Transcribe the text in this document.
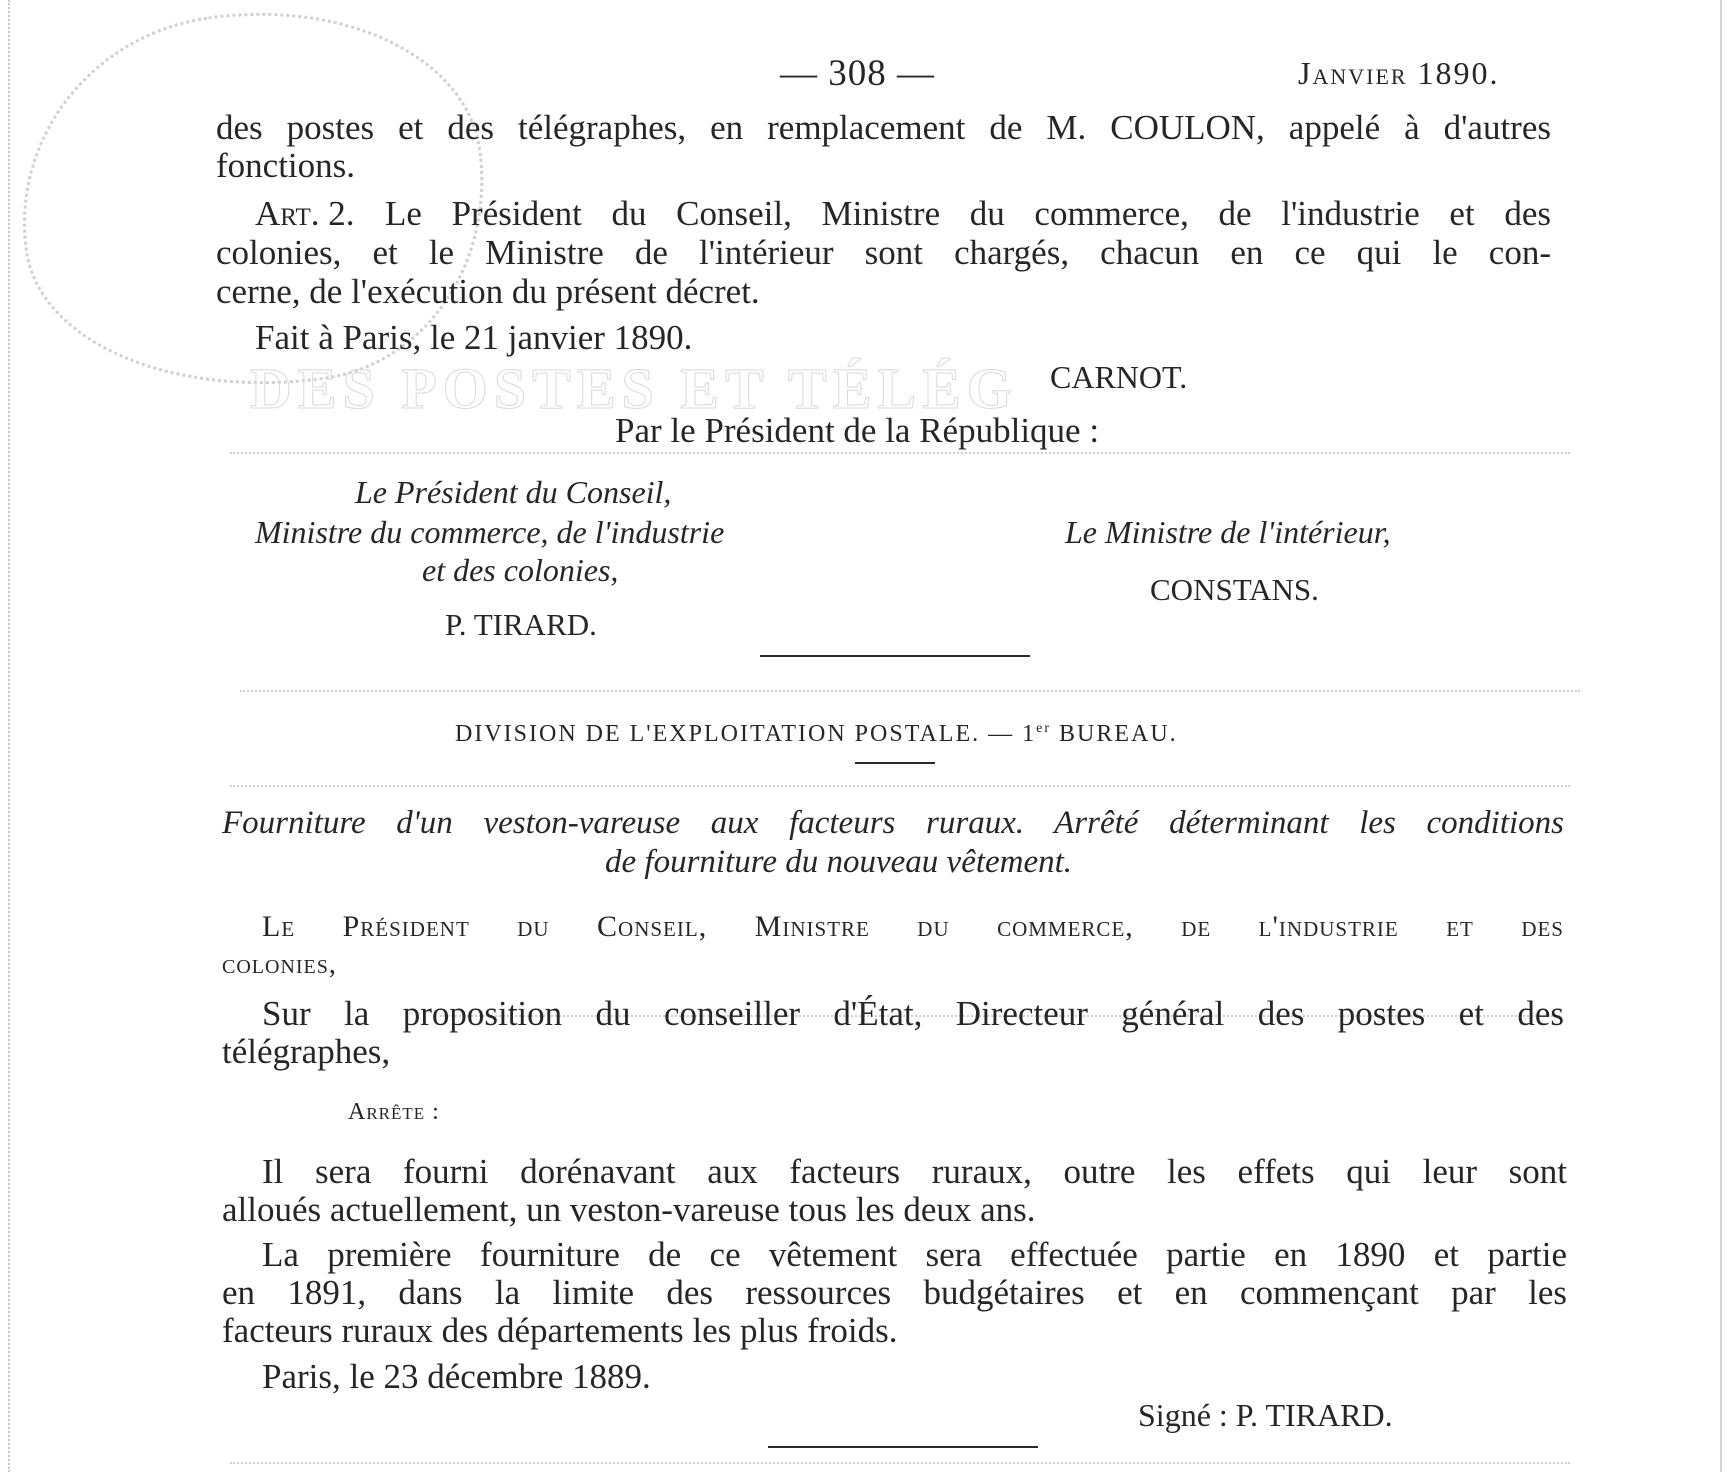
DES POSTES ET TÉLÉG
— 308 —	Janvier 1890.
des postes et des télégraphes, en remplacement de M. COULON, appelé à d'autres
fonctions.
Art. 2. Le Président du Conseil, Ministre du commerce, de l'industrie et des
colonies, et le Ministre de l'intérieur sont chargés, chacun en ce qui le con-
cerne, de l'exécution du présent décret.
Fait à Paris, le 21 janvier 1890.
CARNOT.
Par le Président de la République :
Le Président du Conseil,
Ministre du commerce, de l'industrie
et des colonies,
P. TIRARD.
Le Ministre de l'intérieur,
CONSTANS.
DIVISION DE L'EXPLOITATION POSTALE. — 1er BUREAU.
Fourniture d'un veston-vareuse aux facteurs ruraux. Arrêté déterminant les conditions
de fourniture du nouveau vêtement.
Le Président du Conseil, Ministre du commerce, de l'industrie et des
colonies,
Sur la proposition du conseiller d'État, Directeur général des postes et des
télégraphes,
Arrête :
Il sera fourni dorénavant aux facteurs ruraux, outre les effets qui leur sont
alloués actuellement, un veston-vareuse tous les deux ans.
La première fourniture de ce vêtement sera effectuée partie en 1890 et partie
en 1891, dans la limite des ressources budgétaires et en commençant par les
facteurs ruraux des départements les plus froids.
Paris, le 23 décembre 1889.
Signé : P. TIRARD.
